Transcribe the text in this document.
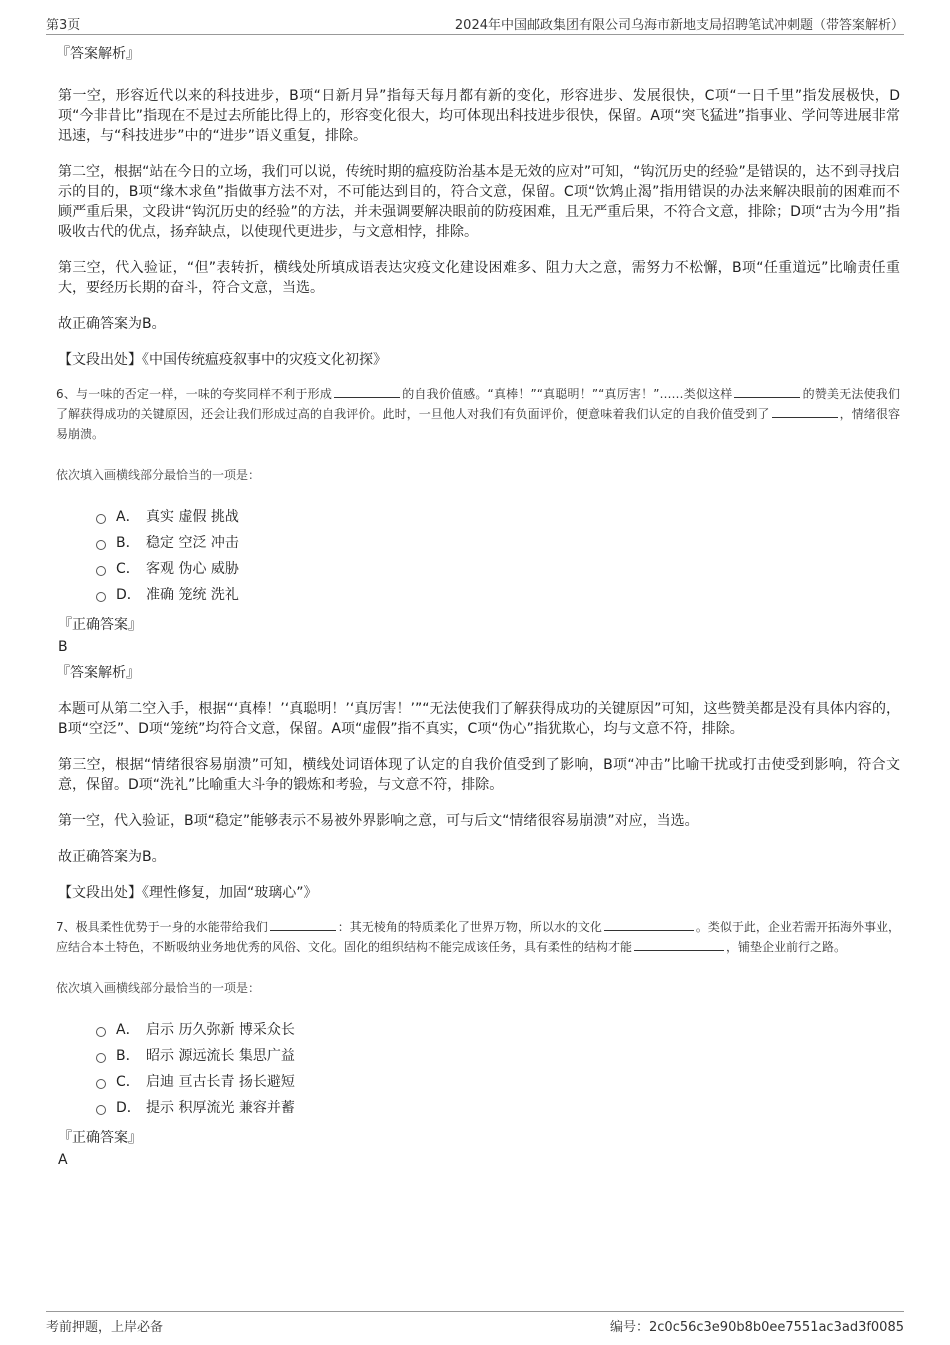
第3页	2024年中国邮政集团有限公司乌海市新地支局招聘笔试冲刺题（带答案解析）
『答案解析』

第一空，形容近代以来的科技进步，B项“日新月异”指每天每月都有新的变化，形容进步、发展很快，C项“一日千里”指发展极快，D项“今非昔比”指现在不是过去所能比得上的，形容变化很大，均可体现出科技进步很快，保留。A项“突飞猛进”指事业、学问等进展非常迅速，与“科技进步”中的“进步”语义重复，排除。

第二空，根据“站在今日的立场，我们可以说，传统时期的瘟疫防治基本是无效的应对”可知，“钩沉历史的经验”是错误的，达不到寻找启示的目的，B项“缘木求鱼”指做事方法不对，不可能达到目的，符合文意，保留。C项“饮鸩止渴”指用错误的办法来解决眼前的困难而不顾严重后果，文段讲“钩沉历史的经验”的方法，并未强调要解决眼前的防疫困难，且无严重后果，不符合文意，排除；D项“古为今用”指吸收古代的优点，扬弃缺点，以使现代更进步，与文意相悖，排除。

第三空，代入验证，“但”表转折，横线处所填成语表达灾疫文化建设困难多、阻力大之意，需努力不松懈，B项“任重道远”比喻责任重大，要经历长期的奋斗，符合文意，当选。

故正确答案为B。

【文段出处】《中国传统瘟疫叙事中的灾疫文化初探》
6、与一味的否定一样，一味的夸奖同样不利于形成	的自我价值感。“真棒！”“真聪明！”“真厉害！”……类似这样	的赞美无法使我们了解获得成功的关键原因，还会让我们形成过高的自我评价。此时，一旦他人对我们有负面评价，便意味着我们认定的自我价值受到了	，情绪很容易崩溃。
依次填入画横线部分最恰当的一项是：
A． 真实 虚假 挑战
B． 稳定 空泛 冲击
C． 客观 伪心 威胁
D． 准确 笼统 洗礼
『正确答案』
B
『答案解析』

本题可从第二空入手，根据“‘真棒！’‘真聪明！’‘真厉害！’”“无法使我们了解获得成功的关键原因”可知，这些赞美都是没有具体内容的，B项“空泛”、D项“笼统”均符合文意，保留。A项“虚假”指不真实，C项“伪心”指犹欺心，均与文意不符，排除。

第三空，根据“情绪很容易崩溃”可知，横线处词语体现了认定的自我价值受到了影响，B项“冲击”比喻干扰或打击使受到影响，符合文意，保留。D项“洗礼”比喻重大斗争的锻炼和考验，与文意不符，排除。

第一空，代入验证，B项“稳定”能够表示不易被外界影响之意，可与后文“情绪很容易崩溃”对应，当选。

故正确答案为B。

【文段出处】《理性修复，加固“玻璃心”》
7、极具柔性优势于一身的水能带给我们	：其无棱角的特质柔化了世界万物，所以水的文化	。类似于此，企业若需开拓海外事业，应结合本土特色，不断吸纳业务地优秀的风俗、文化。固化的组织结构不能完成该任务，具有柔性的结构才能	，铺垫企业前行之路。
依次填入画横线部分最恰当的一项是：
A． 启示 历久弥新 博采众长
B． 昭示 源远流长 集思广益
C． 启迪 亘古长青 扬长避短
D． 提示 积厚流光 兼容并蓄
『正确答案』
A
考前押题，上岸必备	编号：2c0c56c3e90b8b0ee7551ac3ad3f0085
